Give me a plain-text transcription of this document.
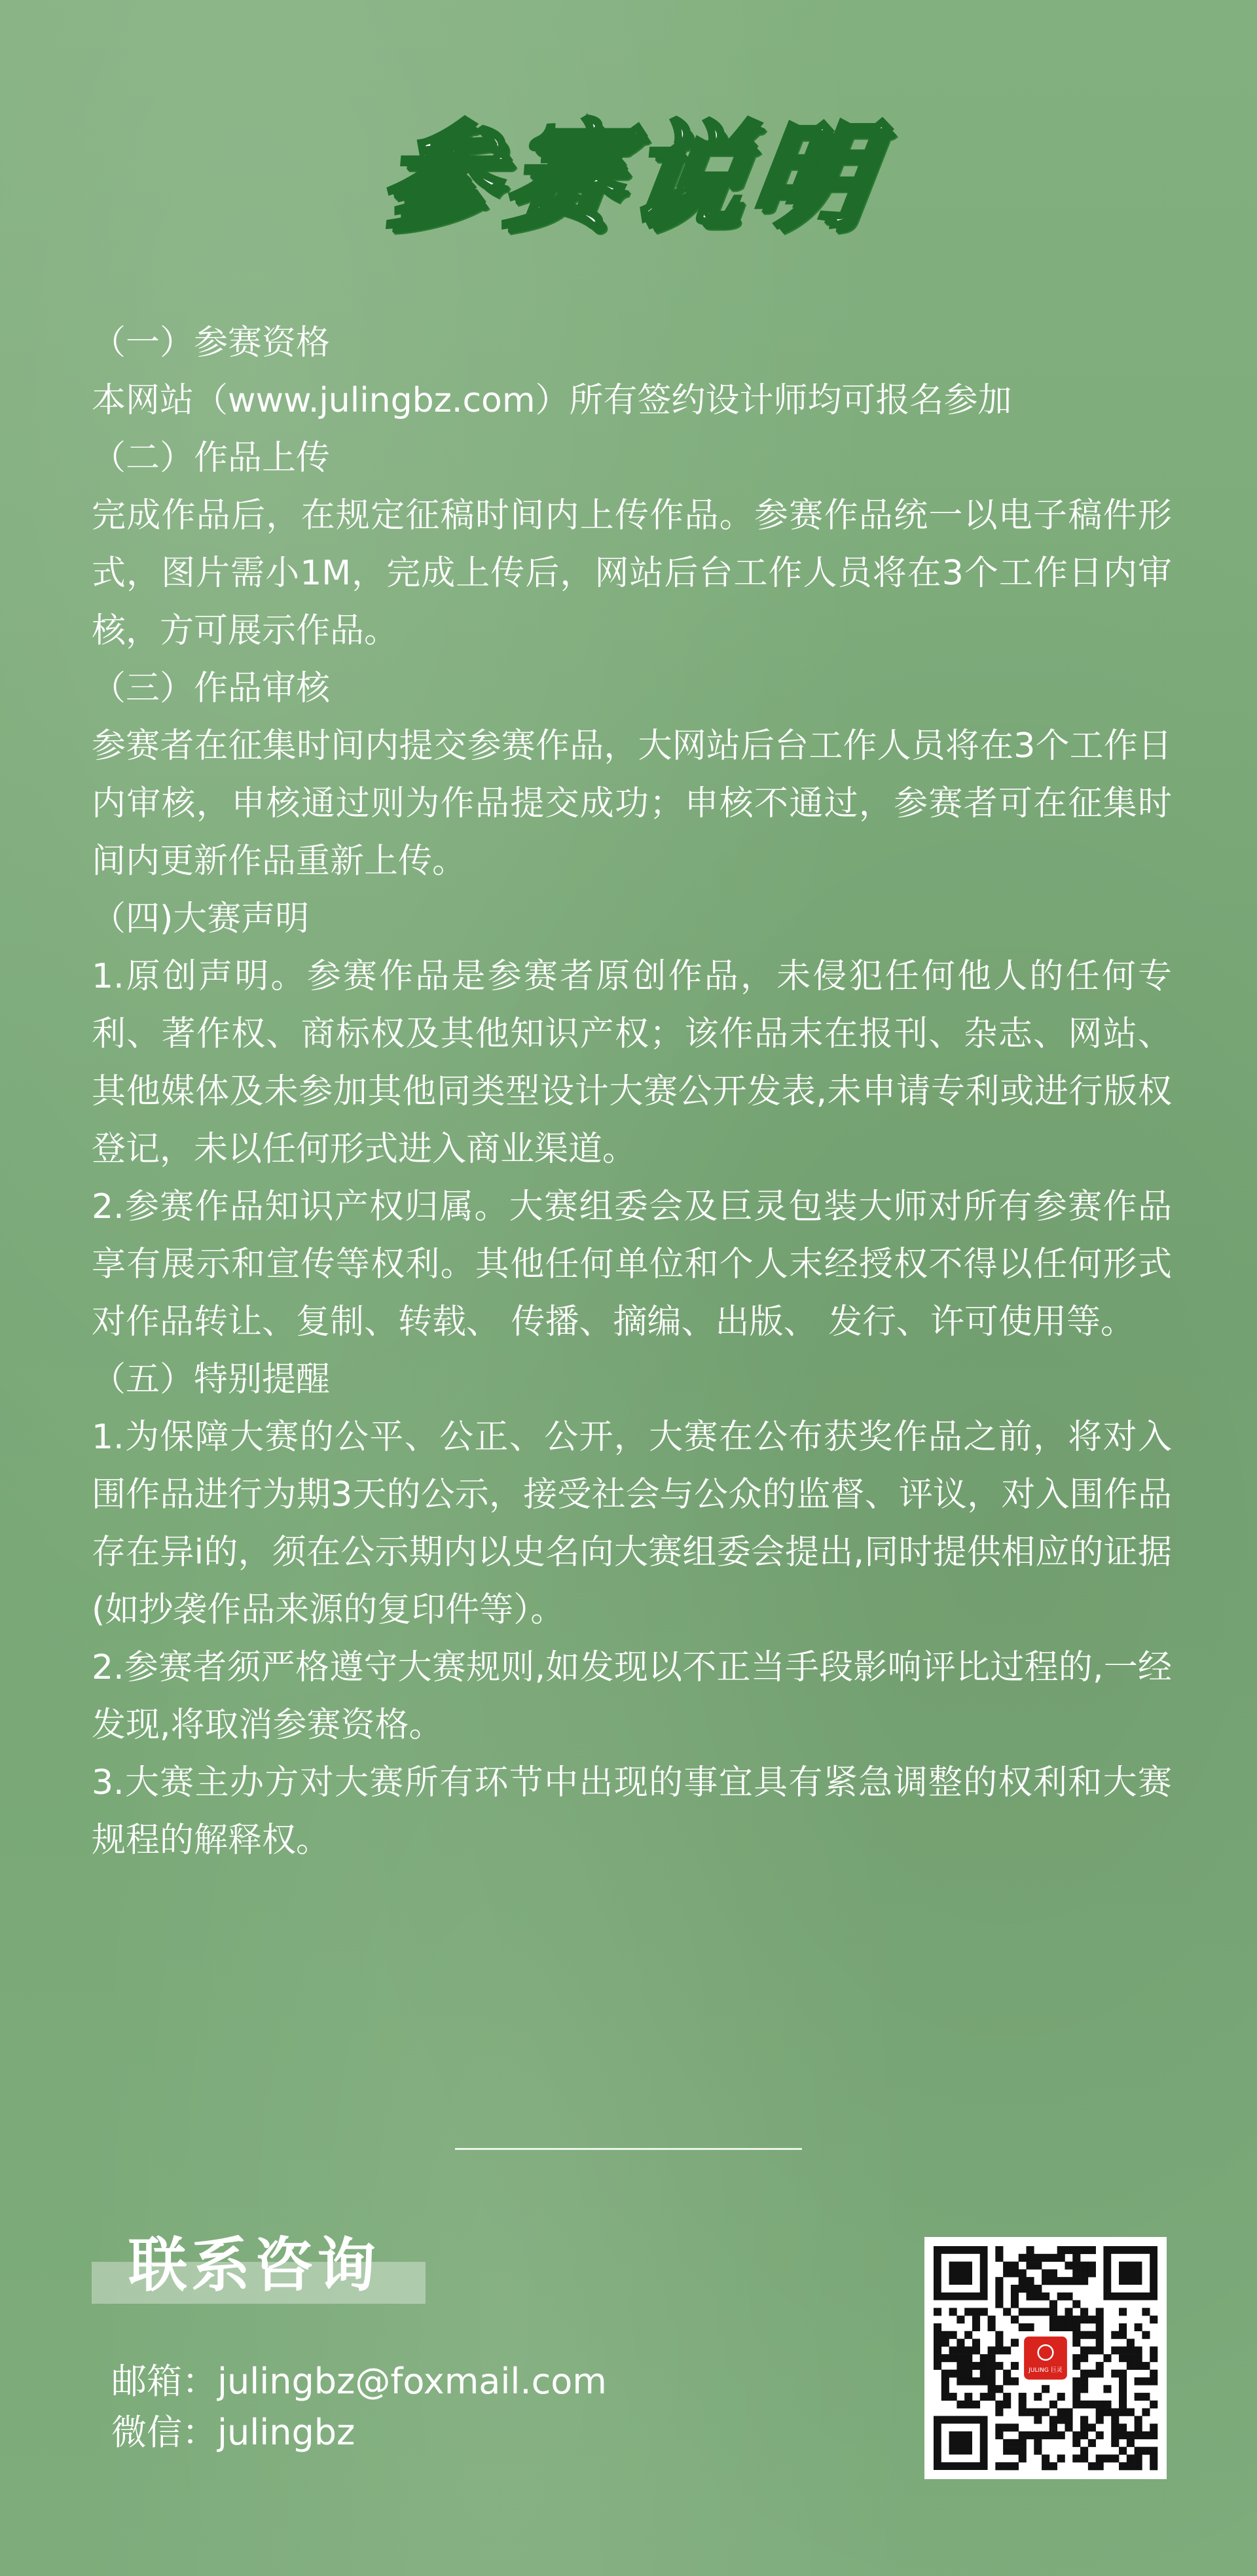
参赛说明

（一）参赛资格

本网站（www.julingbz.com）所有签约设计师均可报名参加

（二）作品上传

完成作品后，在规定征稿时间内上传作品。参赛作品统一以电子稿件形式，图片需小1M，完成上传后，网站后台工作人员将在3个工作日内审核，方可展示作品。

（三）作品审核

参赛者在征集时间内提交参赛作品，大网站后台工作人员将在3个工作日内审核，申核通过则为作品提交成功；申核不通过，参赛者可在征集时间内更新作品重新上传。

（四)大赛声明

1.原创声明。参赛作品是参赛者原创作品，未侵犯任何他人的任何专利、著作权、商标权及其他知识产权；该作品末在报刊、杂志、网站、其他媒体及未参加其他同类型设计大赛公开发表,未申请专利或进行版权登记，未以任何形式进入商业渠道。

2.参赛作品知识产权归属。大赛组委会及巨灵包装大师对所有参赛作品享有展示和宣传等权利。其他任何单位和个人末经授权不得以任何形式对作品转让、复制、转载、 传播、摘编、出版、 发行、许可使用等。

（五）特别提醒

1.为保障大赛的公平、公正、公开，大赛在公布获奖作品之前，将对入围作品进行为期3天的公示，接受社会与公众的监督、评议，对入围作品存在异i的，须在公示期内以史名向大赛组委会提出,同时提供相应的证据(如抄袭作品来源的复印件等）。

2.参赛者须严格遵守大赛规则,如发现以不正当手段影响评比过程的,一经发现,将取消参赛资格。

3.大赛主办方对大赛所有环节中出现的事宜具有紧急调整的权利和大赛规程的解释权。

联系咨询

邮箱：julingbz@foxmail.com

微信：julingbz

JULING 巨灵
